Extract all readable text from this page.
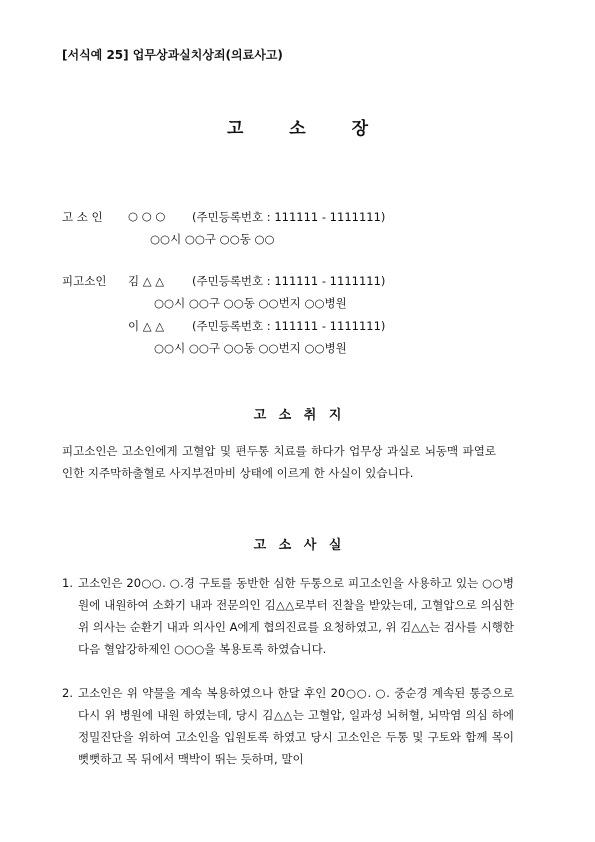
[서식예 25] 업무상과실치상죄(의료사고)
고 소 장
고 소 인	○ ○ ○ (주민등록번호 : 111111 - 1111111)
○○시 ○○구 ○○동 ○○
피고소인	김 △ △ (주민등록번호 : 111111 - 1111111)
○○시 ○○구 ○○동 ○○번지 ○○병원
이 △ △ (주민등록번호 : 111111 - 1111111)
○○시 ○○구 ○○동 ○○번지 ○○병원
고 소 취 지
피고소인은 고소인에게 고혈압 및 편두통 치료를 하다가 업무상 과실로 뇌동맥 파열로 인한 지주막하출혈로 사지부전마비 상태에 이르게 한 사실이 있습니다.
고 소 사 실
1. 고소인은 20○○. ○.경 구토를 동반한 심한 두통으로 피고소인을 사용하고 있는 ○○병원에 내원하여 소화기 내과 전문의인 김△△로부터 진찰을 받았는데, 고혈압으로 의심한 위 의사는 순환기 내과 의사인 A에게 협의진료를 요청하였고, 위 김△△는 검사를 시행한 다음 혈압강하제인 ○○○을 복용토록 하였습니다.
2. 고소인은 위 약물을 계속 복용하였으나 한달 후인 20○○. ○. 중순경 계속된 통증으로 다시 위 병원에 내원 하였는데, 당시 김△△는 고혈압, 일과성 뇌허혈, 뇌막염 의심 하에 정밀진단을 위하여 고소인을 입원토록 하였고 당시 고소인은 두통 및 구토와 함께 목이 뻣뻣하고 목 뒤에서 맥박이 뛰는 듯하며, 말이
